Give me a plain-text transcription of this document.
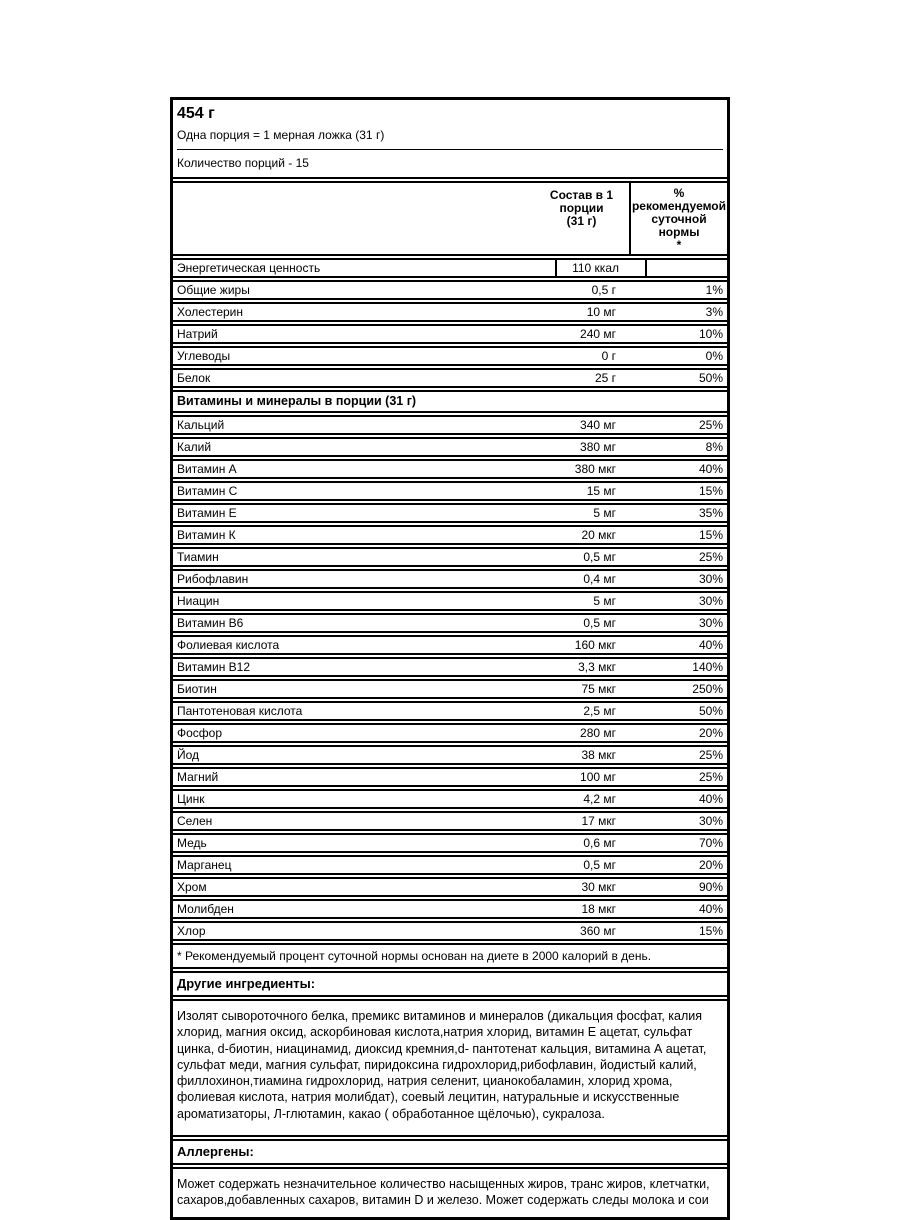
454 г
Одна порция = 1 мерная ложка (31 г)
Количество порций - 15
Состав в 1
порции
(31 г)
%
рекомендуемой
суточной нормы
*
Энергетическая ценность	110 ккал
Общие жиры	0,5 г	1%
Холестерин	10 мг	3%
Натрий	240 мг	10%
Углеводы	0 г	0%
Белок	25 г	50%
Витамины и минералы в порции (31 г)
Кальций	340 мг	25%
Калий	380 мг	8%
Витамин А	380 мкг	40%
Витамин С	15 мг	15%
Витамин Е	5 мг	35%
Витамин К	20 мкг	15%
Тиамин	0,5 мг	25%
Рибофлавин	0,4 мг	30%
Ниацин	5 мг	30%
Витамин В6	0,5 мг	30%
Фолиевая кислота	160 мкг	40%
Витамин В12	3,3 мкг	140%
Биотин	75 мкг	250%
Пантотеновая кислота	2,5 мг	50%
Фосфор	280 мг	20%
Йод	38 мкг	25%
Магний	100 мг	25%
Цинк	4,2 мг	40%
Селен	17 мкг	30%
Медь	0,6 мг	70%
Марганец	0,5 мг	20%
Хром	30 мкг	90%
Молибден	18 мкг	40%
Хлор	360 мг	15%
* Рекомендуемый процент суточной нормы основан на диете в 2000 калорий в день.
Другие ингредиенты:
Изолят сывороточного белка, премикс витаминов и минералов (дикальция фосфат, калия хлорид, магния оксид, аскорбиновая кислота,натрия хлорид, витамин Е ацетат, сульфат цинка, d-биотин, ниацинамид, диоксид кремния,d- пантотенат кальция, витамина А ацетат, сульфат меди, магния сульфат, пиридоксина гидрохлорид,рибофлавин, йодистый калий, филлохинон,тиамина гидрохлорид, натрия селенит, цианокобаламин, хлорид хрома, фолиевая кислота, натрия молибдат), соевый лецитин, натуральные и искусственные ароматизаторы, Л-глютамин, какао ( обработанное щёлочью), сукралоза.
Аллергены:
Может содержать незначительное количество насыщенных жиров, транс жиров, клетчатки, сахаров,добавленных сахаров, витамин D и железо. Может содержать следы молока и сои
